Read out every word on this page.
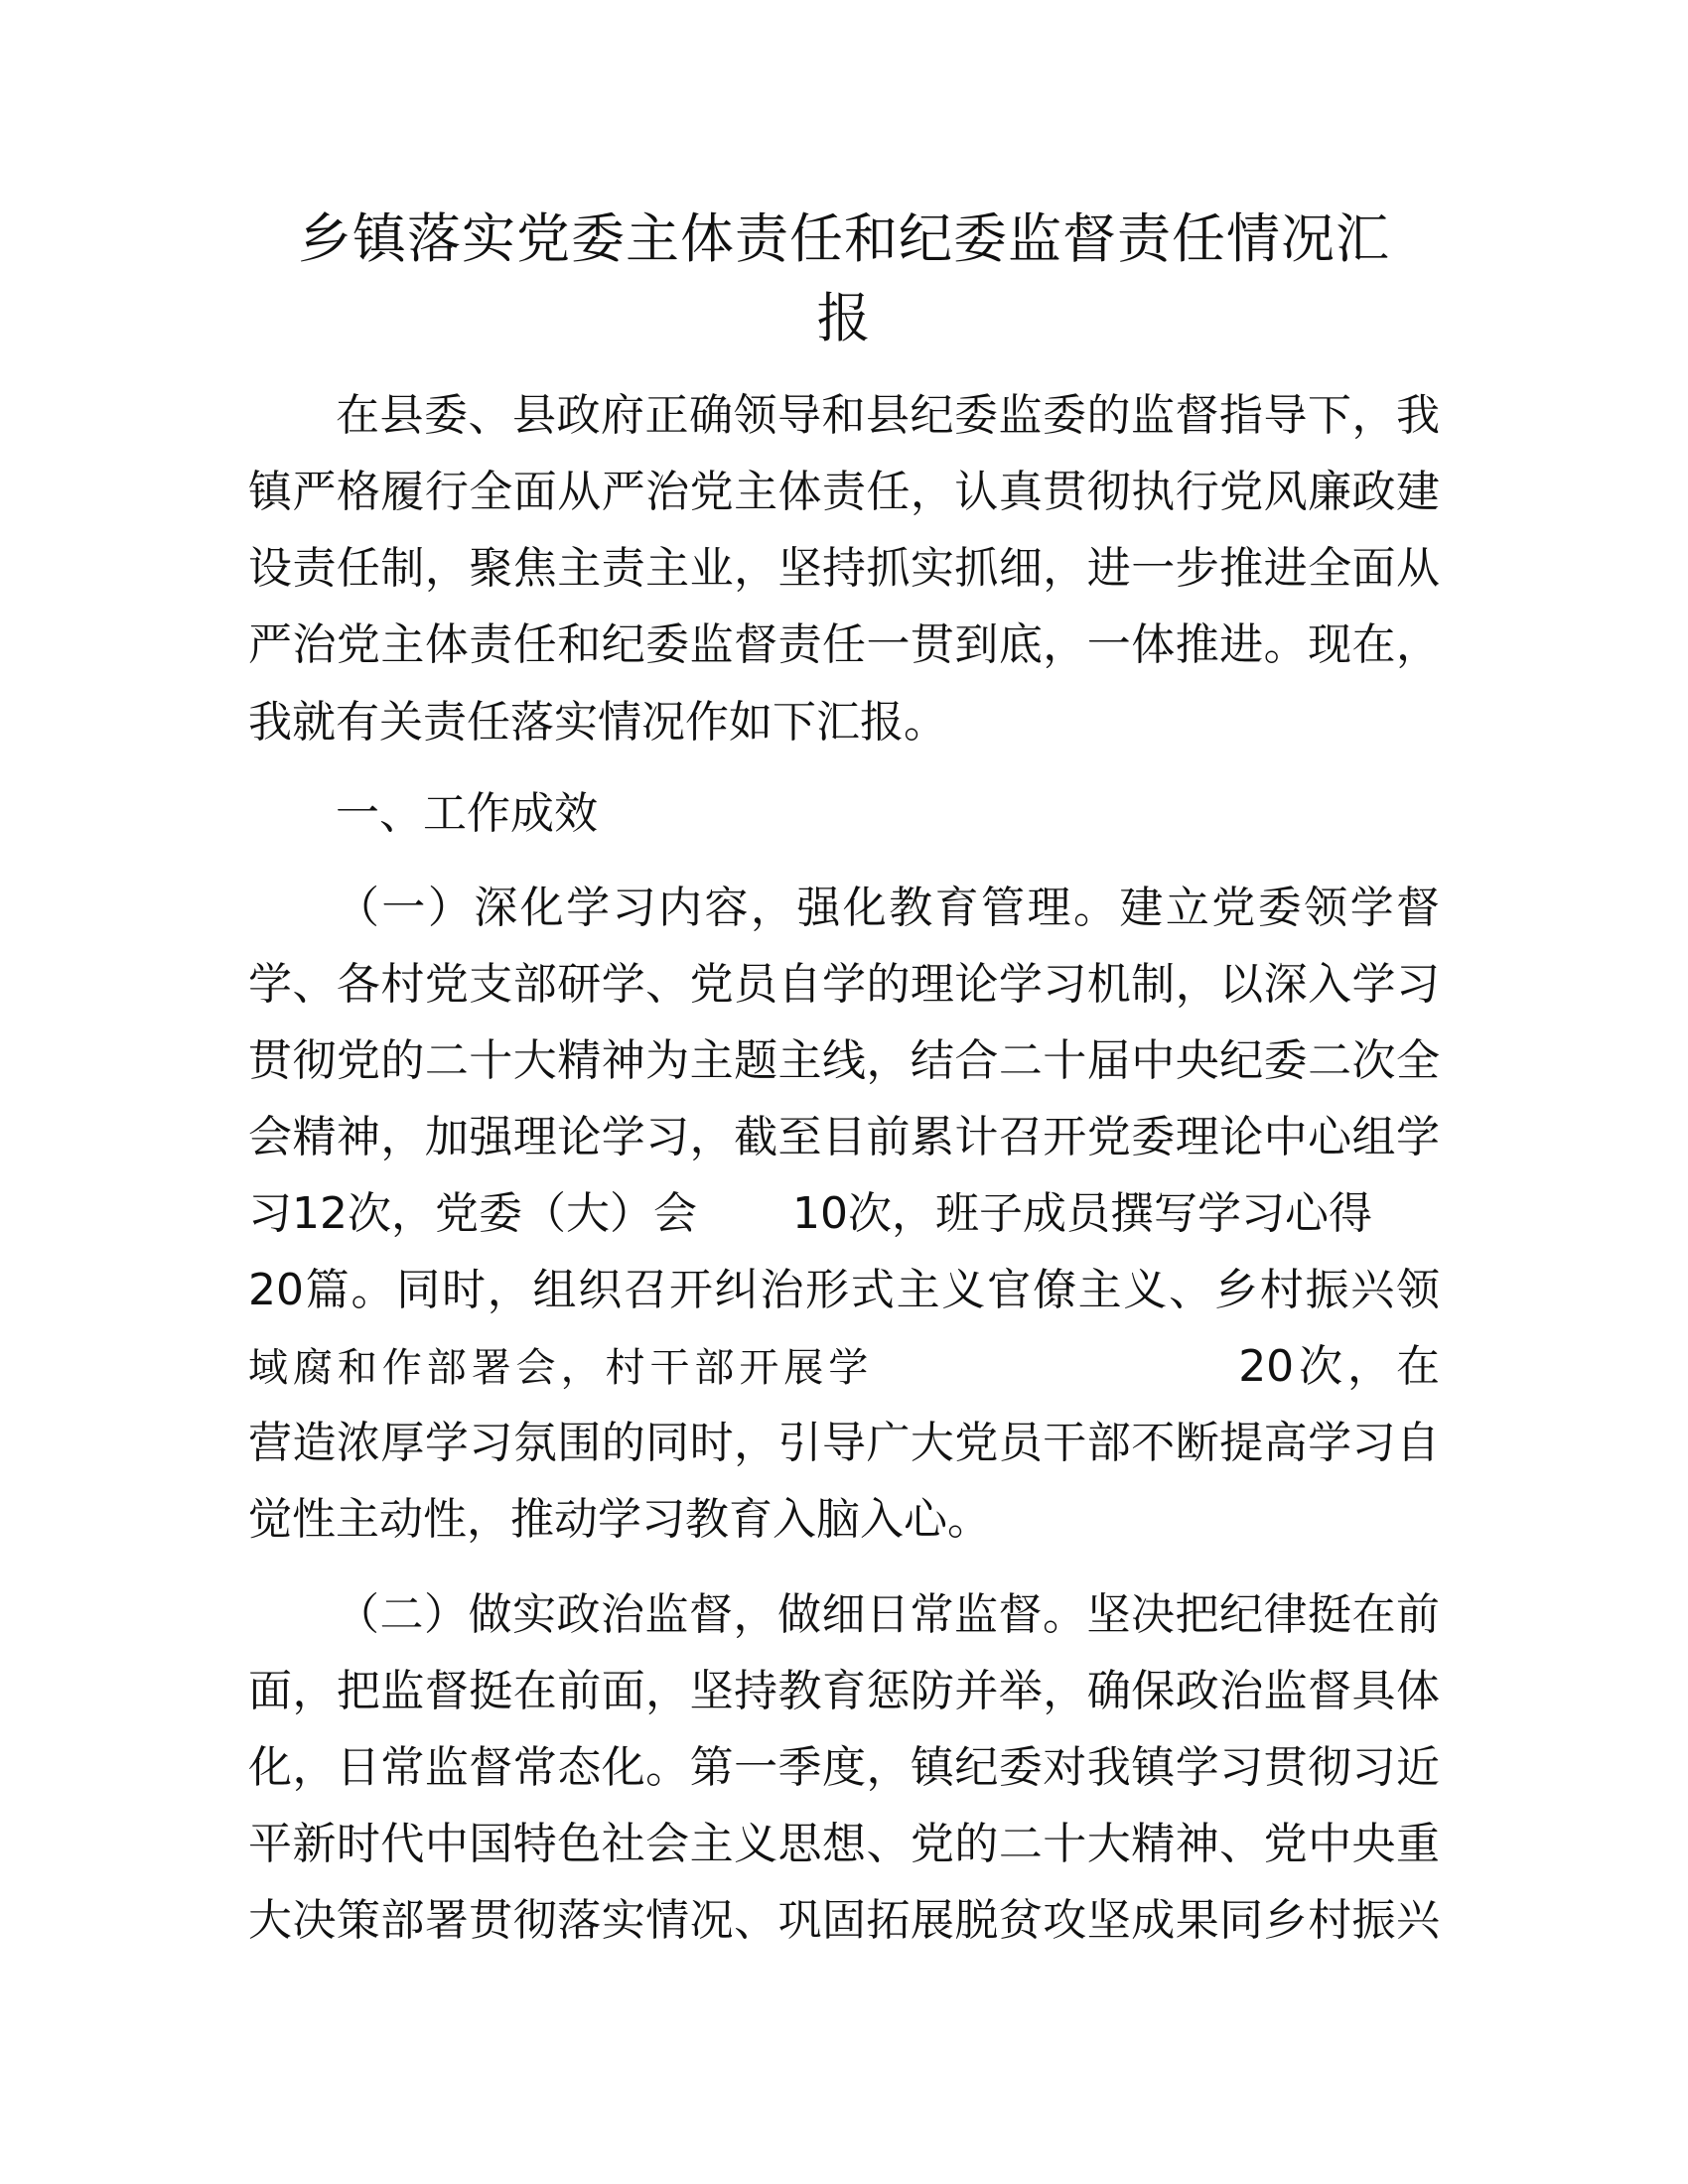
乡镇落实党委主体责任和纪委监督责任情况汇
报
在县委、县政府正确领导和县纪委监委的监督指导下，我
镇严格履行全面从严治党主体责任，认真贯彻执行党风廉政建
设责任制，聚焦主责主业，坚持抓实抓细，进一步推进全面从
严治党主体责任和纪委监督责任一贯到底，一体推进。现在，
我就有关责任落实情况作如下汇报。
一、工作成效
（一）深化学习内容，强化教育管理。建立党委领学督
学、各村党支部研学、党员自学的理论学习机制，以深入学习
贯彻党的二十大精神为主题主线，结合二十届中央纪委二次全
会精神，加强理论学习，截至目前累计召开党委理论中心组学
习12次，党委（大）会 10次，班子成员撰写学习心得
20篇。同时，组织召开纠治形式主义官僚主义、乡村振兴领
域腐和作部署会，村干部开展学	20次，在
营造浓厚学习氛围的同时，引导广大党员干部不断提高学习自
觉性主动性，推动学习教育入脑入心。
（二）做实政治监督，做细日常监督。坚决把纪律挺在前
面，把监督挺在前面，坚持教育惩防并举，确保政治监督具体
化，日常监督常态化。第一季度，镇纪委对我镇学习贯彻习近
平新时代中国特色社会主义思想、党的二十大精神、党中央重
大决策部署贯彻落实情况、巩固拓展脱贫攻坚成果同乡村振兴
